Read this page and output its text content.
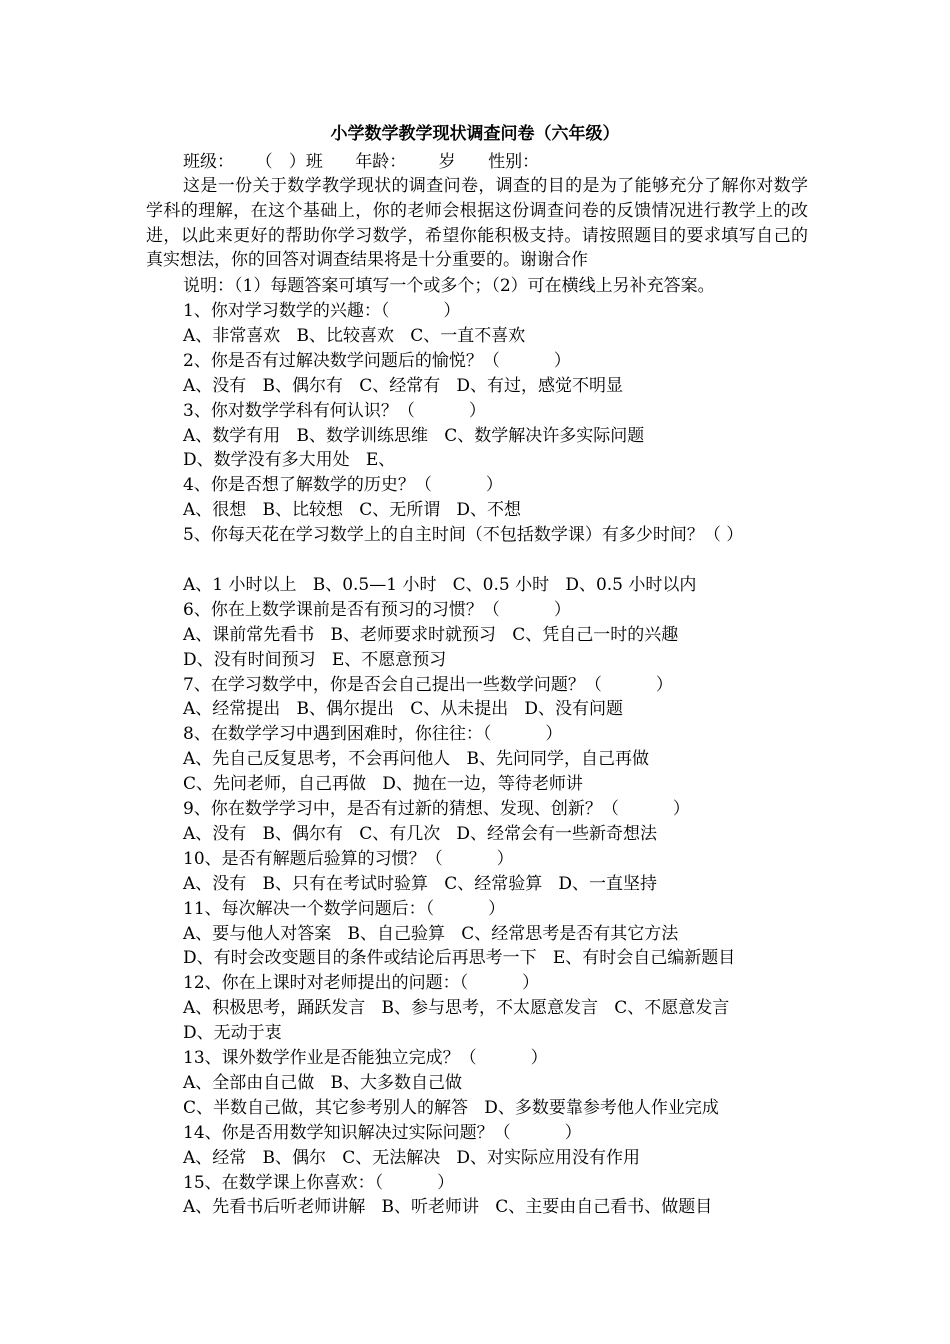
小学数学教学现状调查问卷（六年级）
班级：    （   ）班      年龄：      岁      性别：
这是一份关于数学教学现状的调查问卷，调查的目的是为了能够充分了解你对数学学科的理解，在这个基础上，你的老师会根据这份调查问卷的反馈情况进行教学上的改进，以此来更好的帮助你学习数学，希望你能积极支持。请按照题目的要求填写自己的真实想法，你的回答对调查结果将是十分重要的。谢谢合作
说明：（1）每题答案可填写一个或多个；（2）可在横线上另补充答案。
1、你对学习数学的兴趣：（          ）
A、非常喜欢   B、比较喜欢   C、一直不喜欢
2、你是否有过解决数学问题后的愉悦？（          ）
A、没有   B、偶尔有   C、经常有   D、有过，感觉不明显
3、你对数学学科有何认识？（          ）
A、数学有用   B、数学训练思维   C、数学解决许多实际问题
D、数学没有多大用处   E、
4、你是否想了解数学的历史？（          ）
A、很想   B、比较想   C、无所谓   D、不想
5、你每天花在学习数学上的自主时间（不包括数学课）有多少时间？（ ）
A、1 小时以上   B、0.5—1 小时   C、0.5 小时   D、0.5 小时以内
6、你在上数学课前是否有预习的习惯？（          ）
A、课前常先看书   B、老师要求时就预习   C、凭自己一时的兴趣
D、没有时间预习   E、不愿意预习
7、在学习数学中，你是否会自己提出一些数学问题？（          ）
A、经常提出   B、偶尔提出   C、从未提出   D、没有问题
8、在数学学习中遇到困难时，你往往：（          ）
A、先自己反复思考，不会再问他人   B、先问同学，自己再做
C、先问老师，自己再做   D、抛在一边，等待老师讲
9、你在数学学习中，是否有过新的猜想、发现、创新？（          ）
A、没有   B、偶尔有   C、有几次   D、经常会有一些新奇想法
10、是否有解题后验算的习惯？（          ）
A、没有   B、只有在考试时验算   C、经常验算   D、一直坚持
11、每次解决一个数学问题后：（          ）
A、要与他人对答案   B、自己验算   C、经常思考是否有其它方法
D、有时会改变题目的条件或结论后再思考一下   E、有时会自己编新题目
12、你在上课时对老师提出的问题：（          ）
A、积极思考，踊跃发言   B、参与思考，不太愿意发言   C、不愿意发言
D、无动于衷
13、课外数学作业是否能独立完成？（          ）
A、全部由自己做   B、大多数自己做
C、半数自己做，其它参考别人的解答   D、多数要靠参考他人作业完成
14、你是否用数学知识解决过实际问题？（          ）
A、经常   B、偶尔   C、无法解决   D、对实际应用没有作用
15、在数学课上你喜欢：（          ）
A、先看书后听老师讲解   B、听老师讲   C、主要由自己看书、做题目
